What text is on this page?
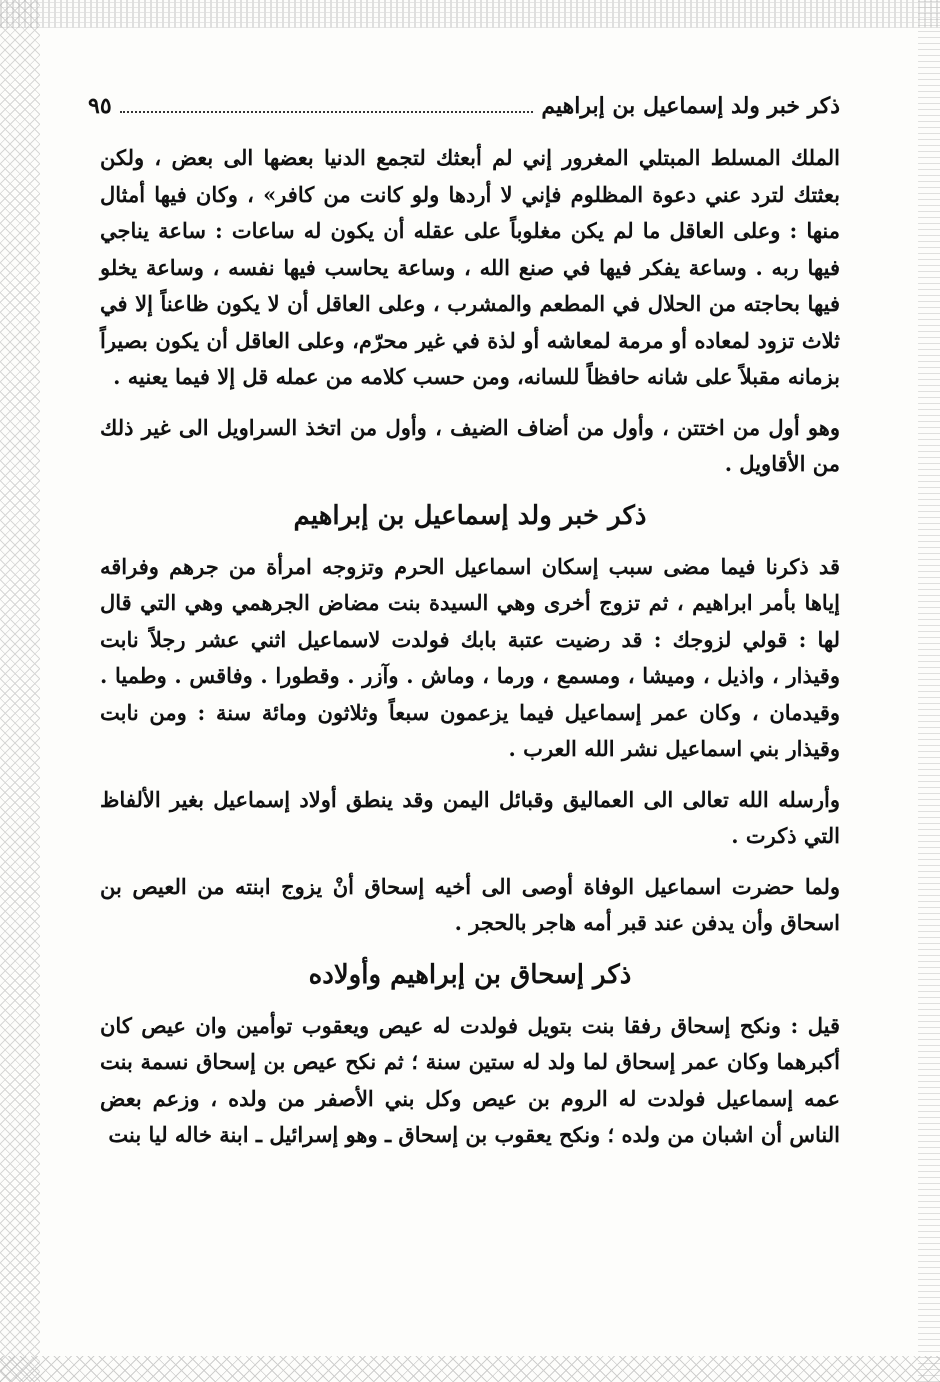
ذكر خبر ولد إسماعيل بن إبراهيم
٩٥

الملك المسلط المبتلي المغرور إني لم أبعثك لتجمع الدنيا بعضها الى بعض ، ولكن بعثتك لترد عني دعوة المظلوم فإني لا أردها ولو كانت من كافر» ، وكان فيها أمثال منها : وعلى العاقل ما لم يكن مغلوباً على عقله أن يكون له ساعات : ساعة يناجي فيها ربه . وساعة يفكر فيها في صنع الله ، وساعة يحاسب فيها نفسه ، وساعة يخلو فيها بحاجته من الحلال في المطعم والمشرب ، وعلى العاقل أن لا يكون ظاعناً إلا في ثلاث تزود لمعاده أو مرمة لمعاشه أو لذة في غير محرّم، وعلى العاقل أن يكون بصيراً بزمانه مقبلاً على شانه حافظاً للسانه، ومن حسب كلامه من عمله قل إلا فيما يعنيه .

وهو أول من اختتن ، وأول من أضاف الضيف ، وأول من اتخذ السراويل الى غير ذلك من الأقاويل .

ذكر خبر ولد إسماعيل بن إبراهيم

قد ذكرنا فيما مضى سبب إسكان اسماعيل الحرم وتزوجه امرأة من جرهم وفراقه إياها بأمر ابراهيم ، ثم تزوج أخرى وهي السيدة بنت مضاض الجرهمي وهي التي قال لها : قولي لزوجك : قد رضيت عتبة بابك فولدت لاسماعيل اثني عشر رجلاً نابت وقيذار ، واذيل ، وميشا ، ومسمع ، ورما ، وماش . وآزر . وقطورا . وفاقس . وطميا . وقيدمان ، وكان عمر إسماعيل فيما يزعمون سبعاً وثلاثون ومائة سنة : ومن نابت وقيذار بني اسماعيل نشر الله العرب .

وأرسله الله تعالى الى العماليق وقبائل اليمن وقد ينطق أولاد إسماعيل بغير الألفاظ التي ذكرت .

ولما حضرت اسماعيل الوفاة أوصى الى أخيه إسحاق أنْ يزوج ابنته من العيص بن اسحاق وأن يدفن عند قبر أمه هاجر بالحجر .

ذكر إسحاق بن إبراهيم وأولاده

قيل : ونكح إسحاق رفقا بنت بتويل فولدت له عيص ويعقوب توأمين وان عيص كان أكبرهما وكان عمر إسحاق لما ولد له ستين سنة ؛ ثم نكح عيص بن إسحاق نسمة بنت عمه إسماعيل فولدت له الروم بن عيص وكل بني الأصفر من ولده ، وزعم بعض الناس أن اشبان من ولده ؛ ونكح يعقوب بن إسحاق ـ وهو إسرائيل ـ ابنة خاله ليا بنت
